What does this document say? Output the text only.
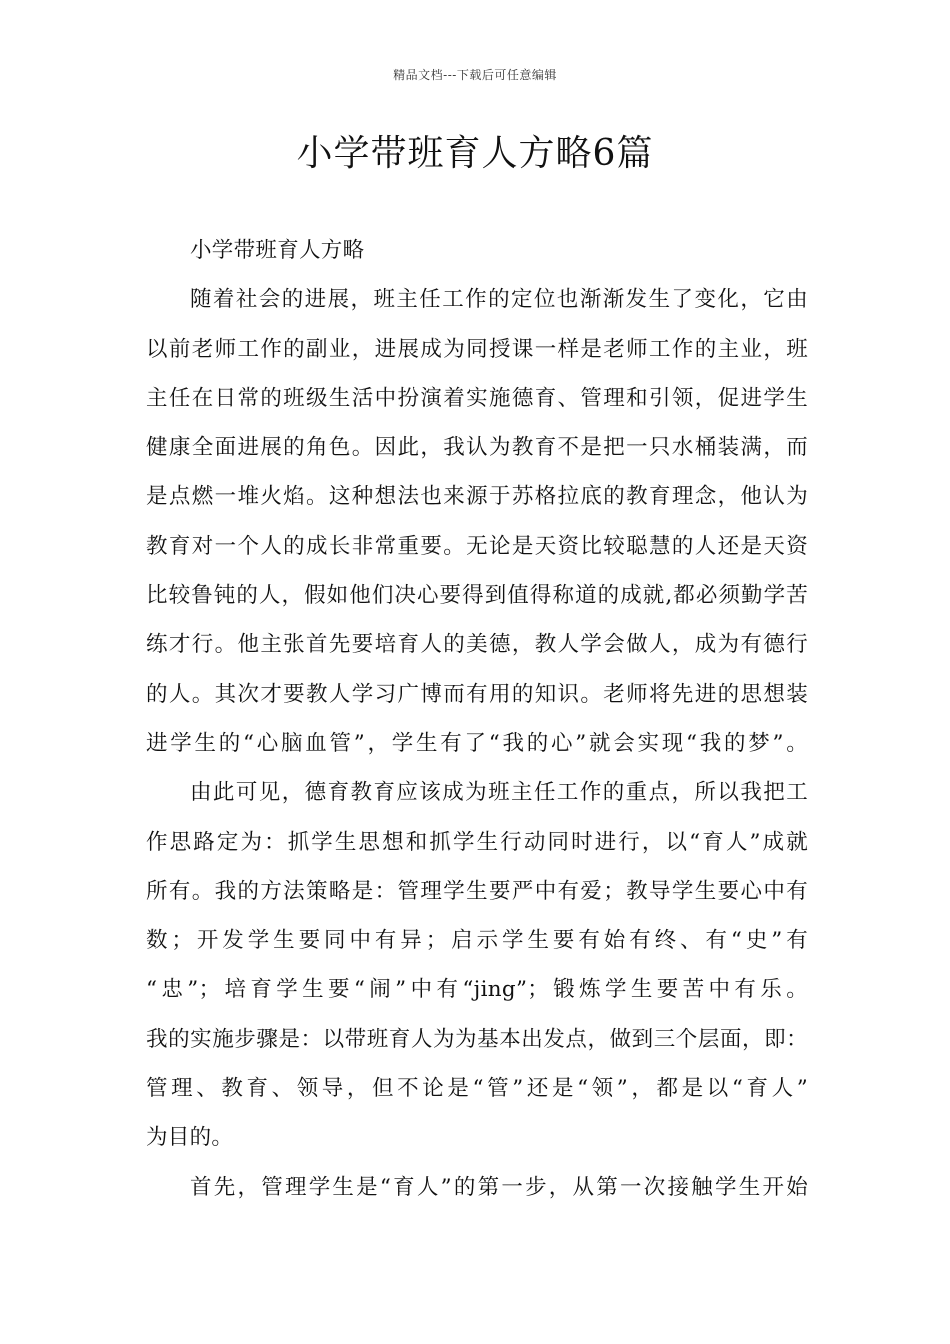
精品文档---下载后可任意编辑
小学带班育人方略6篇
小学带班育人方略
随着社会的进展，班主任工作的定位也渐渐发生了变化，它由
以前老师工作的副业，进展成为同授课一样是老师工作的主业，班
主任在日常的班级生活中扮演着实施德育、管理和引领，促进学生
健康全面进展的角色。因此，我认为教育不是把一只水桶装满，而
是点燃一堆火焰。这种想法也来源于苏格拉底的教育理念，他认为
教育对一个人的成长非常重要。无论是天资比较聪慧的人还是天资
比较鲁钝的人，假如他们决心要得到值得称道的成就,都必须勤学苦
练才行。他主张首先要培育人的美德，教人学会做人，成为有德行
的人。其次才要教人学习广博而有用的知识。老师将先进的思想装
进学生的“心脑血管”，学生有了“我的心”就会实现“我的梦”。
由此可见，德育教育应该成为班主任工作的重点，所以我把工
作思路定为：抓学生思想和抓学生行动同时进行，以“育人”成就
所有。我的方法策略是：管理学生要严中有爱；教导学生要心中有
数；开发学生要同中有异；启示学生要有始有终、有“史”有
“忠”；培育学生要“闹”中有“jing”；锻炼学生要苦中有乐。
我的实施步骤是：以带班育人为为基本出发点，做到三个层面，即：
管理、教育、领导，但不论是“管”还是“领”，都是以“育人”
为目的。
首先，管理学生是“育人”的第一步，从第一次接触学生开始
